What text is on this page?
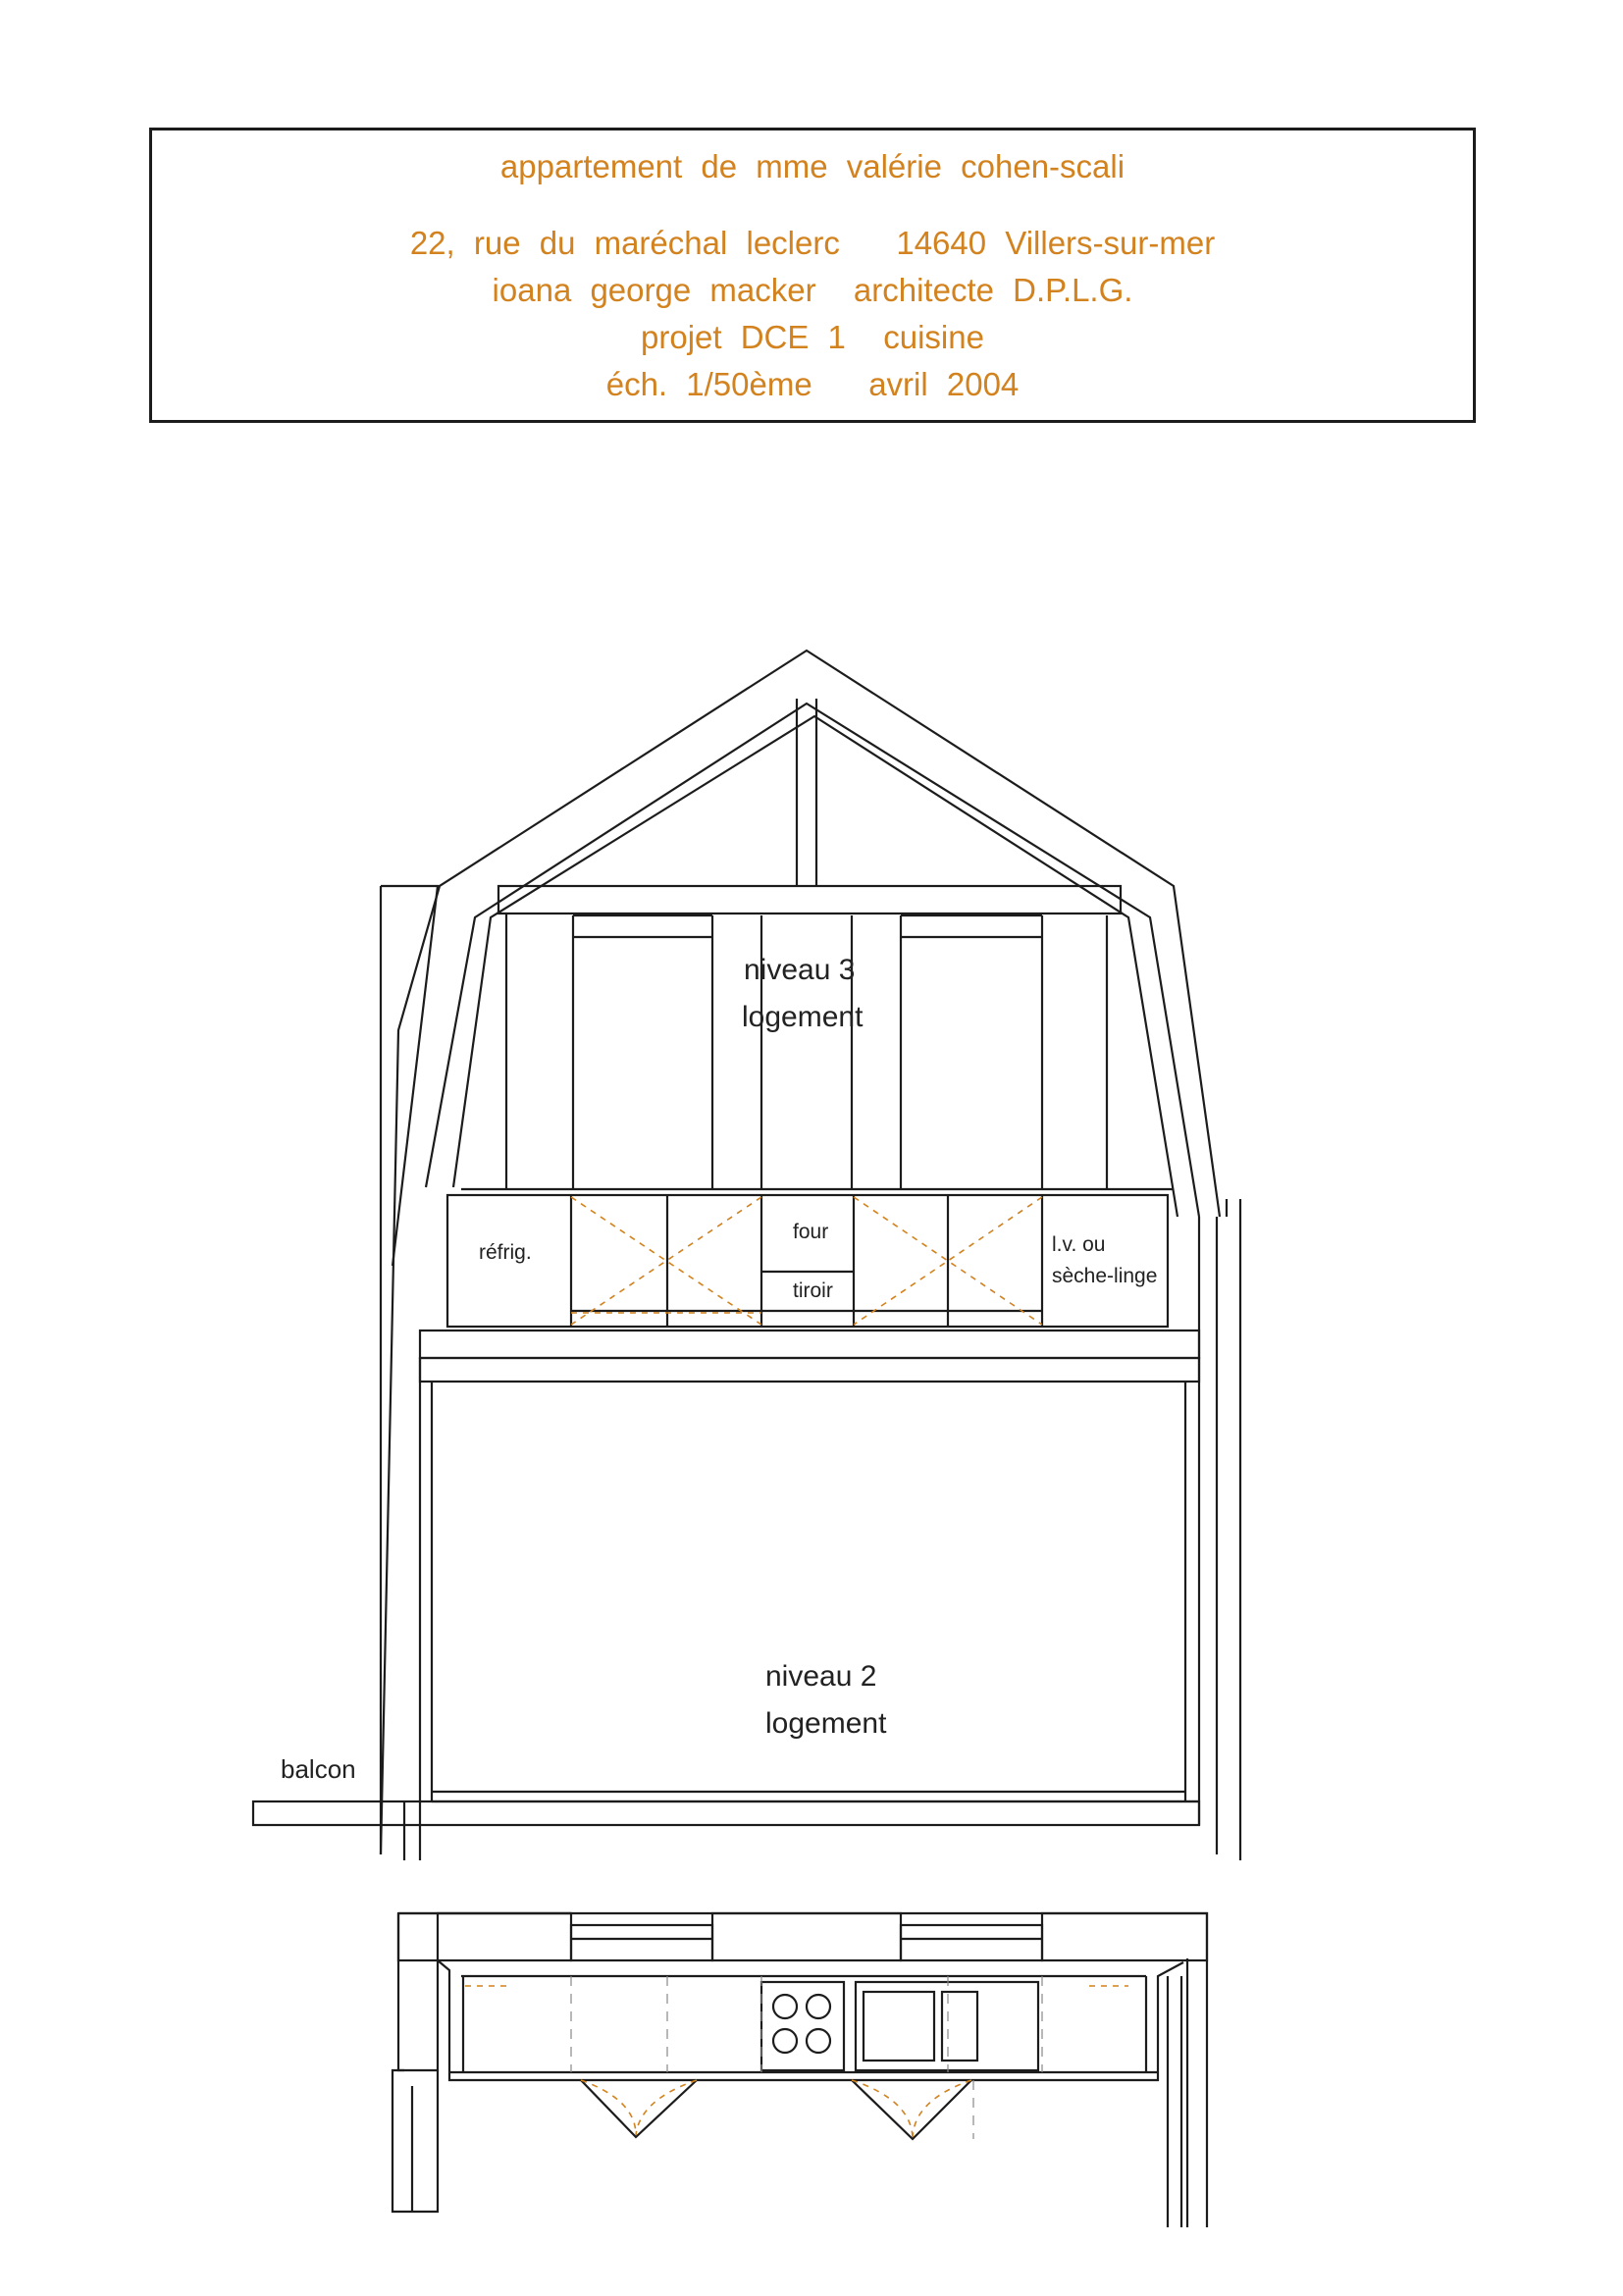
appartement de mme valérie cohen-scali
22, rue du maréchal leclerc   14640 Villers-sur-mer
ioana george macker  architecte D.P.L.G.
projet DCE 1  cuisine
éch. 1/50ème   avril 2004
niveau 3
logement
niveau 2
logement
balcon
réfrig.
four
tiroir
l.v. ou
sèche-linge
